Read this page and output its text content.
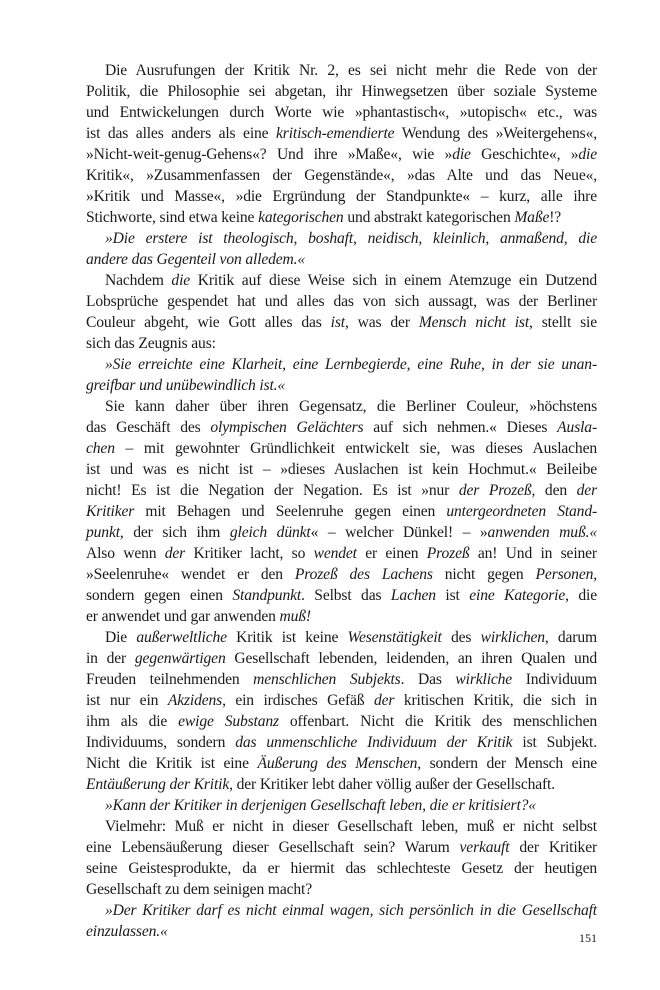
Die Ausrufungen der Kritik Nr. 2, es sei nicht mehr die Rede von der
Politik, die Philosophie sei abgetan, ihr Hinwegsetzen über soziale Systeme
und Entwickelungen durch Worte wie »phantastisch«, »utopisch« etc., was
ist das alles anders als eine kritisch-emendierte Wendung des »Weitergehens«,
»Nicht-weit-genug-Gehens«? Und ihre »Maße«, wie »die Geschichte«, »die
Kritik«, »Zusammenfassen der Gegenstände«, »das Alte und das Neue«,
»Kritik und Masse«, »die Ergründung der Standpunkte« – kurz, alle ihre
Stichworte, sind etwa keine kategorischen und abstrakt kategorischen Maße!?
»Die erstere ist theologisch, boshaft, neidisch, kleinlich, anmaßend, die
andere das Gegenteil von alledem.«
Nachdem die Kritik auf diese Weise sich in einem Atemzuge ein Dutzend
Lobsprüche gespendet hat und alles das von sich aussagt, was der Berliner
Couleur abgeht, wie Gott alles das ist, was der Mensch nicht ist, stellt sie
sich das Zeugnis aus:
»Sie erreichte eine Klarheit, eine Lernbegierde, eine Ruhe, in der sie unan-
greifbar und unübewindlich ist.«
Sie kann daher über ihren Gegensatz, die Berliner Couleur, »höchstens
das Geschäft des olympischen Gelächters auf sich nehmen.« Dieses Ausla-
chen – mit gewohnter Gründlichkeit entwickelt sie, was dieses Auslachen
ist und was es nicht ist – »dieses Auslachen ist kein Hochmut.« Beileibe
nicht! Es ist die Negation der Negation. Es ist »nur der Prozeß, den der
Kritiker mit Behagen und Seelenruhe gegen einen untergeordneten Stand-
punkt, der sich ihm gleich dünkt« – welcher Dünkel! – »anwenden muß.«
Also wenn der Kritiker lacht, so wendet er einen Prozeß an! Und in seiner
»Seelenruhe« wendet er den Prozeß des Lachens nicht gegen Personen,
sondern gegen einen Standpunkt. Selbst das Lachen ist eine Kategorie, die
er anwendet und gar anwenden muß!
Die außerweltliche Kritik ist keine Wesenstätigkeit des wirklichen, darum
in der gegenwärtigen Gesellschaft lebenden, leidenden, an ihren Qualen und
Freuden teilnehmenden menschlichen Subjekts. Das wirkliche Individuum
ist nur ein Akzidens, ein irdisches Gefäß der kritischen Kritik, die sich in
ihm als die ewige Substanz offenbart. Nicht die Kritik des menschlichen
Individuums, sondern das unmenschliche Individuum der Kritik ist Subjekt.
Nicht die Kritik ist eine Äußerung des Menschen, sondern der Mensch eine
Entäußerung der Kritik, der Kritiker lebt daher völlig außer der Gesellschaft.
»Kann der Kritiker in derjenigen Gesellschaft leben, die er kritisiert?«
Vielmehr: Muß er nicht in dieser Gesellschaft leben, muß er nicht selbst
eine Lebensäußerung dieser Gesellschaft sein? Warum verkauft der Kritiker
seine Geistesprodukte, da er hiermit das schlechteste Gesetz der heutigen
Gesellschaft zu dem seinigen macht?
»Der Kritiker darf es nicht einmal wagen, sich persönlich in die Gesellschaft
einzulassen.«	151
